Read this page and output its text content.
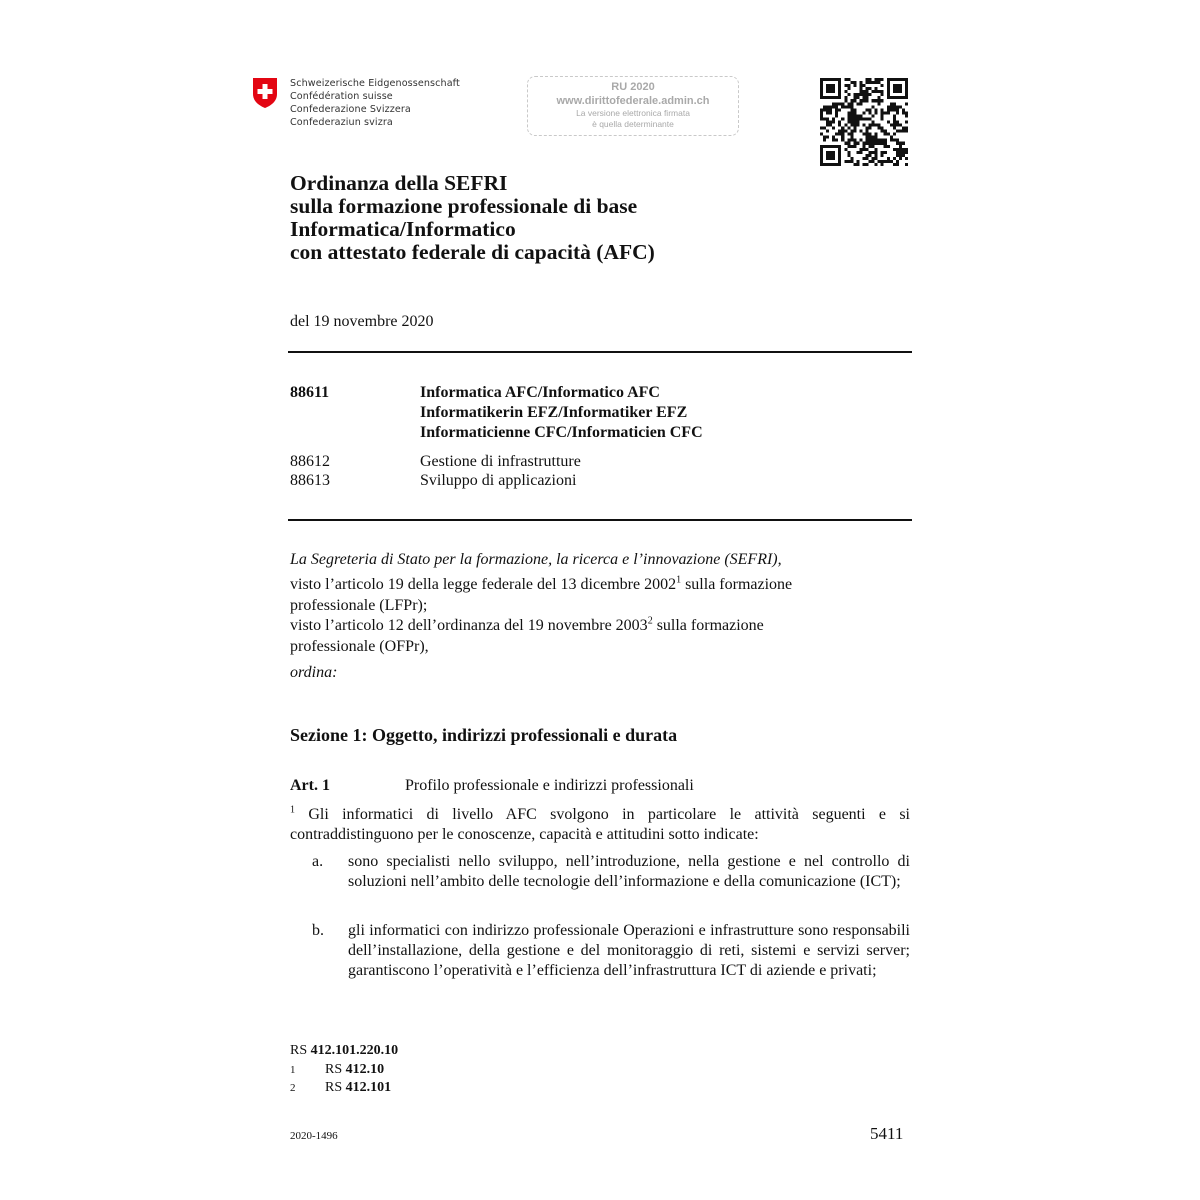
Schweizerische Eidgenossenschaft
Confédération suisse
Confederazione Svizzera
Confederaziun svizra
RU 2020
www.dirittofederale.admin.ch
La versione elettronica firmata
è quella determinante
Ordinanza della SEFRI
sulla formazione professionale di base
Informatica/Informatico
con attestato federale di capacità (AFC)
del 19 novembre 2020
88611	Informatica AFC/Informatico AFC
Informatikerin EFZ/Informatiker EFZ
Informaticienne CFC/Informaticien CFC
88612	Gestione di infrastrutture
88613	Sviluppo di applicazioni
La Segreteria di Stato per la formazione, la ricerca e l’innovazione (SEFRI),
visto l’articolo 19 della legge federale del 13 dicembre 2002$^1$ sulla formazione
professionale (LFPr);
visto l’articolo 12 dell’ordinanza del 19 novembre 2003$^2$ sulla formazione
professionale (OFPr),
ordina:
Sezione 1: Oggetto, indirizzi professionali e durata
Art. 1	Profilo professionale e indirizzi professionali
$^1$ Gli informatici di livello AFC svolgono in particolare le attività seguenti e si contraddistinguono per le conoscenze, capacità e attitudini sotto indicate:
a. sono specialisti nello sviluppo, nell’introduzione, nella gestione e nel controllo di soluzioni nell’ambito delle tecnologie dell’informazione e della comunicazione (ICT);
b. gli informatici con indirizzo professionale Operazioni e infrastrutture sono responsabili dell’installazione, della gestione e del monitoraggio di reti, sistemi e servizi server; garantiscono l’operatività e l’efficienza dell’infrastruttura ICT di aziende e privati;
RS 412.101.220.10
1 RS 412.10
2 RS 412.101
2020-1496	5411
